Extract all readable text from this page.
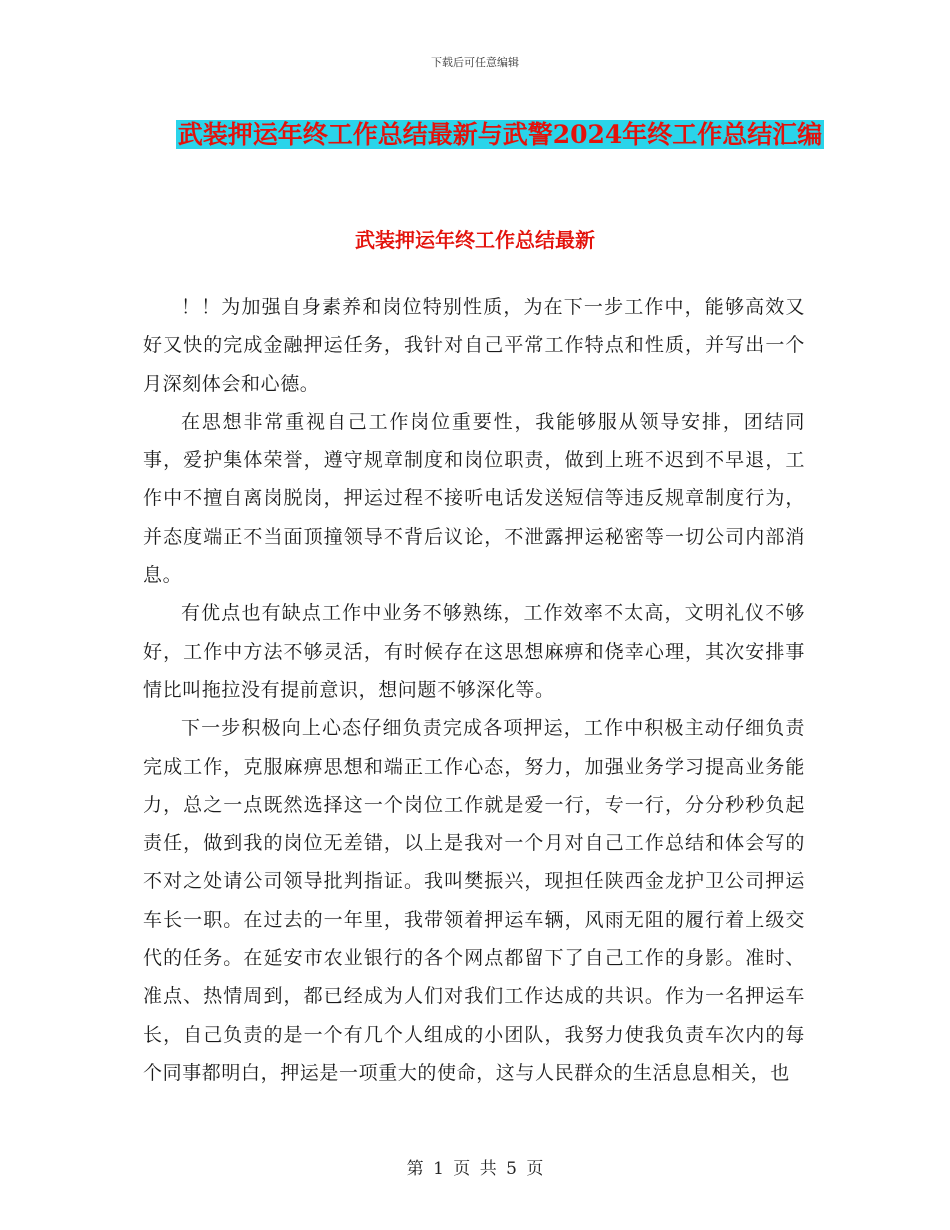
下载后可任意编辑
武装押运年终工作总结最新与武警2024年终工作总结汇编
武装押运年终工作总结最新

！！为加强自身素养和岗位特别性质，为在下一步工作中，能够高效又好又快的完成金融押运任务，我针对自己平常工作特点和性质，并写出一个月深刻体会和心德。

在思想非常重视自己工作岗位重要性，我能够服从领导安排，团结同事，爱护集体荣誉，遵守规章制度和岗位职责，做到上班不迟到不早退，工作中不擅自离岗脱岗，押运过程不接听电话发送短信等违反规章制度行为，并态度端正不当面顶撞领导不背后议论，不泄露押运秘密等一切公司内部消息。

有优点也有缺点工作中业务不够熟练，工作效率不太高，文明礼仪不够好，工作中方法不够灵活，有时候存在这思想麻痹和侥幸心理，其次安排事情比叫拖拉没有提前意识，想问题不够深化等。

下一步积极向上心态仔细负责完成各项押运，工作中积极主动仔细负责完成工作，克服麻痹思想和端正工作心态，努力，加强业务学习提高业务能力，总之一点既然选择这一个岗位工作就是爱一行，专一行，分分秒秒负起责任，做到我的岗位无差错，以上是我对一个月对自己工作总结和体会写的不对之处请公司领导批判指证。我叫樊振兴，现担任陕西金龙护卫公司押运车长一职。在过去的一年里，我带领着押运车辆，风雨无阻的履行着上级交代的任务。在延安市农业银行的各个网点都留下了自己工作的身影。准时、准点、热情周到，都已经成为人们对我们工作达成的共识。作为一名押运车长，自己负责的是一个有几个人组成的小团队，我努力使我负责车次内的每个同事都明白，押运是一项重大的使命，这与人民群众的生活息息相关，也

第 1 页 共 5 页
